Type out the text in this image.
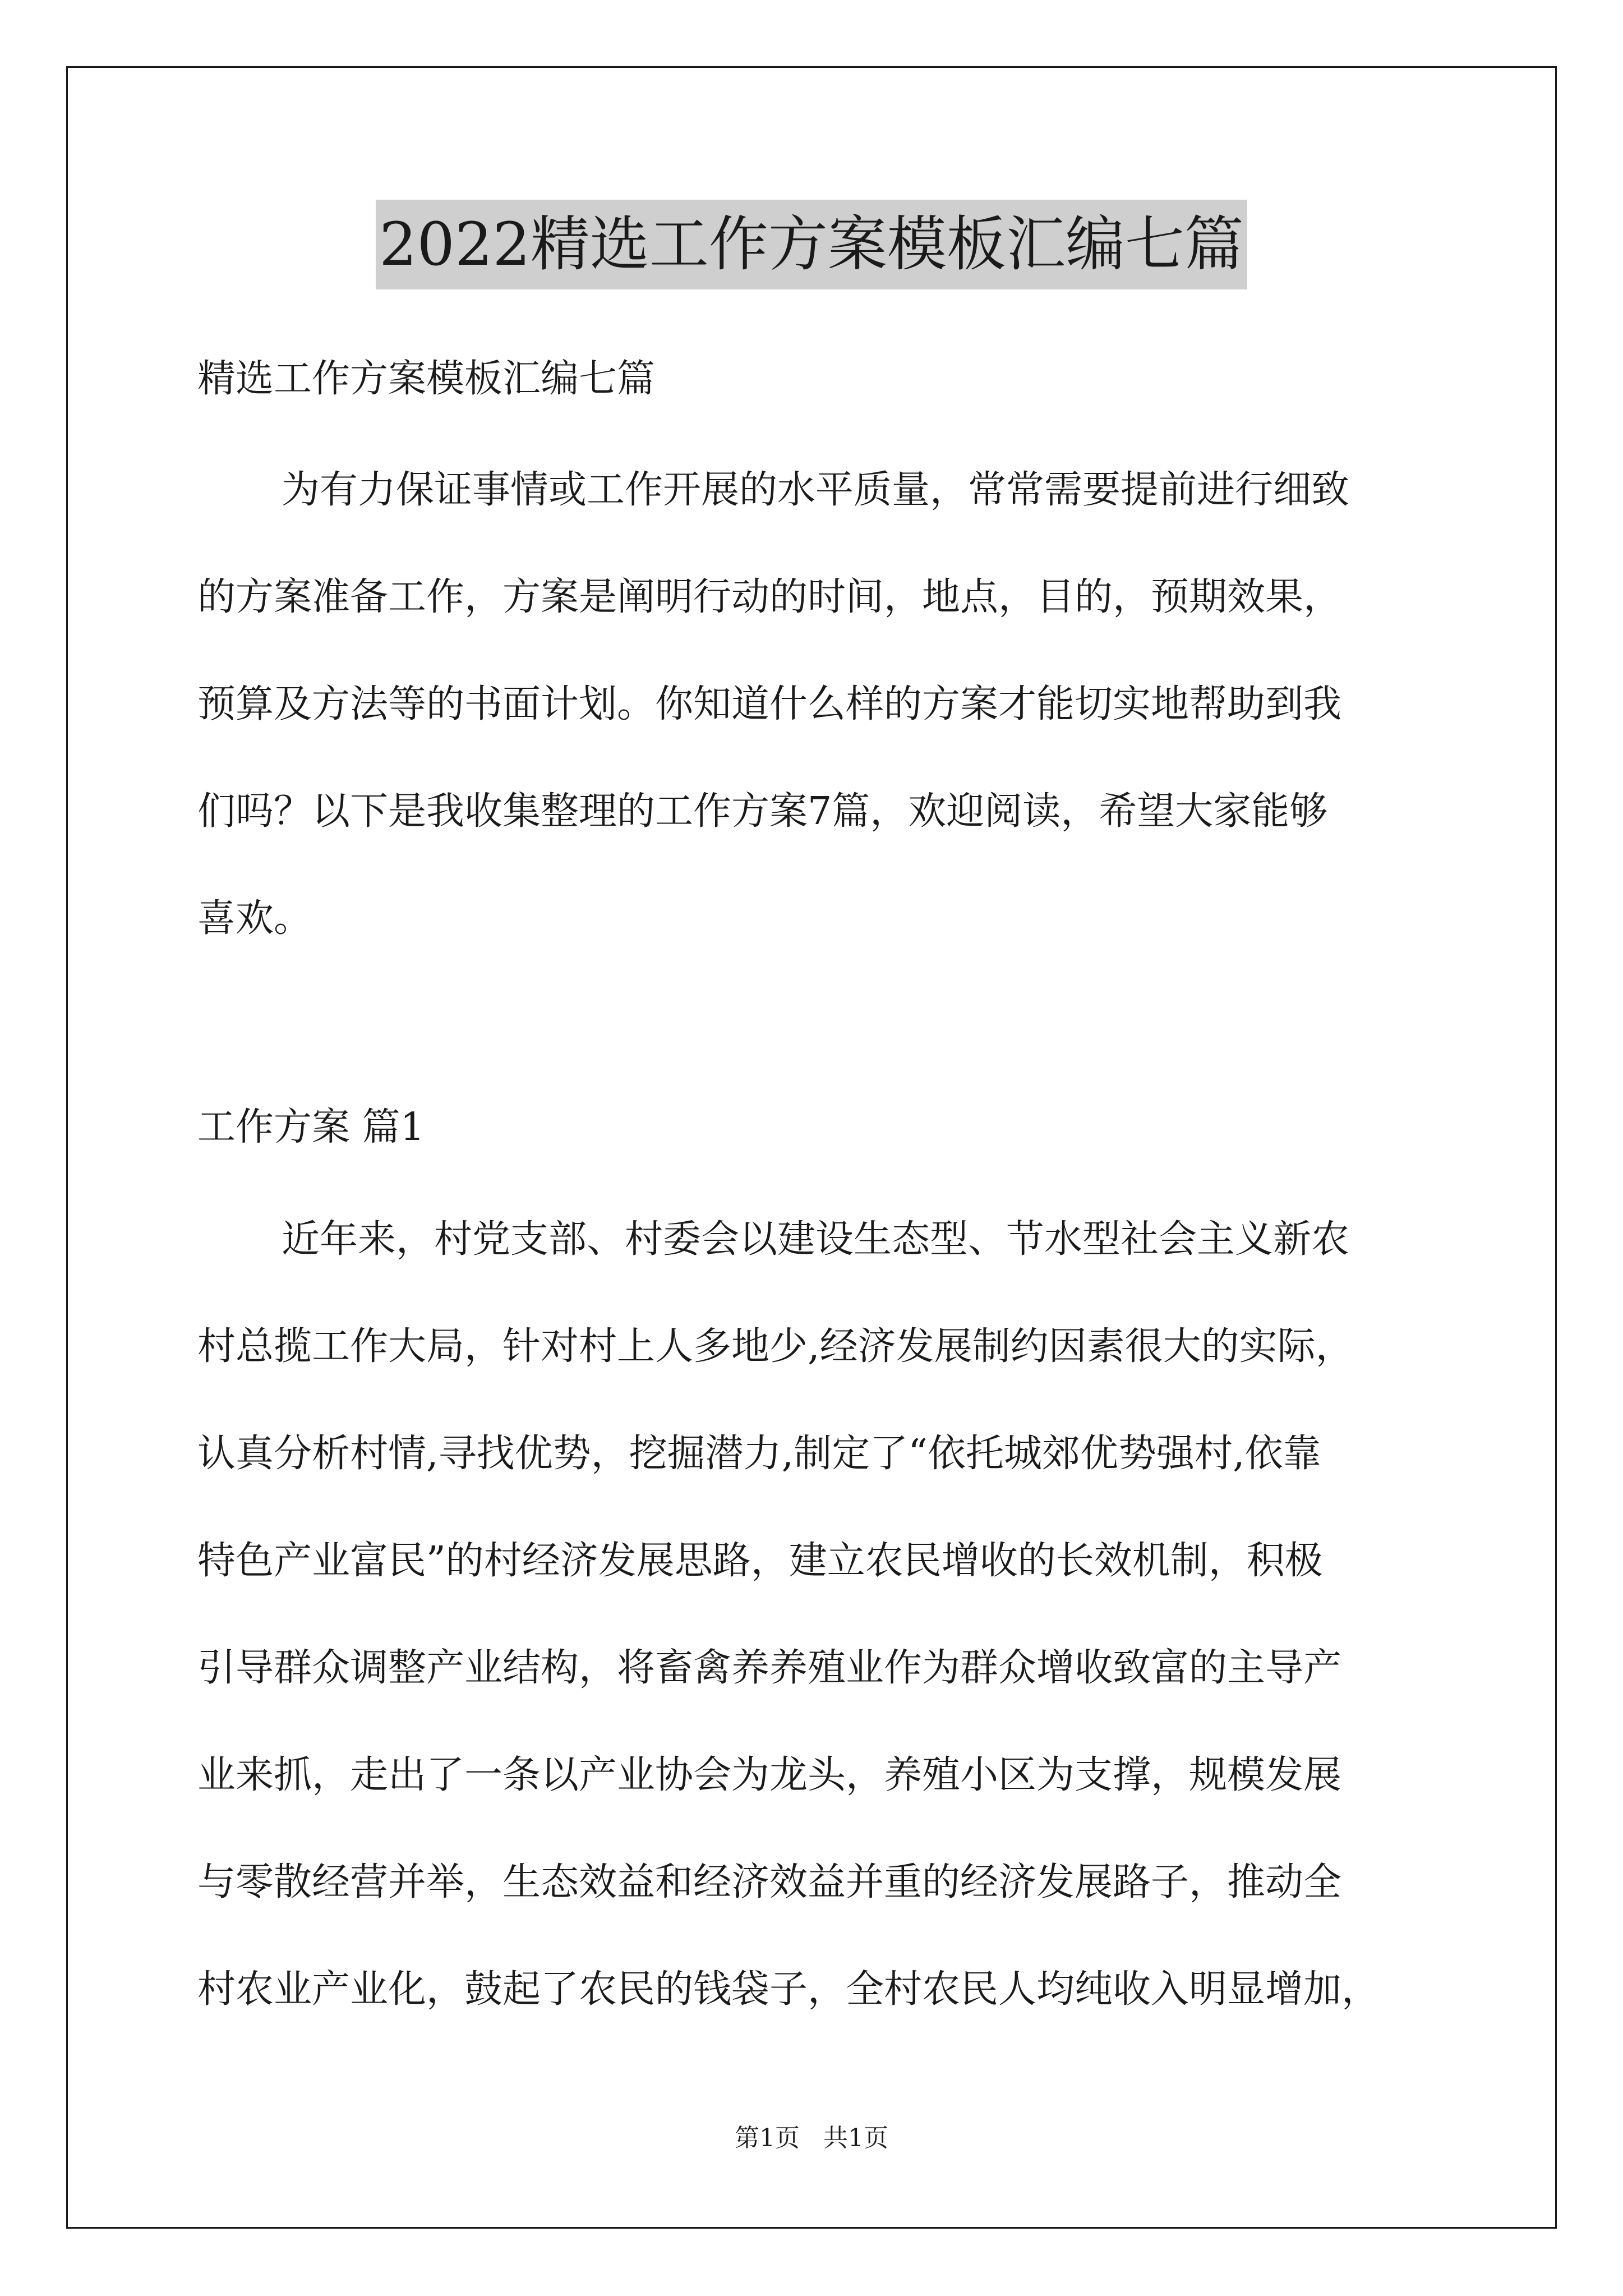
2022精选工作方案模板汇编七篇
精选工作方案模板汇编七篇
为有力保证事情或工作开展的水平质量，常常需要提前进行细致
的方案准备工作，方案是阐明行动的时间，地点，目的，预期效果，
预算及方法等的书面计划。你知道什么样的方案才能切实地帮助到我
们吗？以下是我收集整理的工作方案7篇，欢迎阅读，希望大家能够
喜欢。
工作方案 篇1
近年来，村党支部、村委会以建设生态型、节水型社会主义新农
村总揽工作大局，针对村上人多地少,经济发展制约因素很大的实际，
认真分析村情,寻找优势，挖掘潜力,制定了“依托城郊优势强村,依靠
特色产业富民”的村经济发展思路，建立农民增收的长效机制，积极
引导群众调整产业结构，将畜禽养养殖业作为群众增收致富的主导产
业来抓，走出了一条以产业协会为龙头，养殖小区为支撑，规模发展
与零散经营并举，生态效益和经济效益并重的经济发展路子，推动全
村农业产业化，鼓起了农民的钱袋子，全村农民人均纯收入明显增加，
第1页   共1页
